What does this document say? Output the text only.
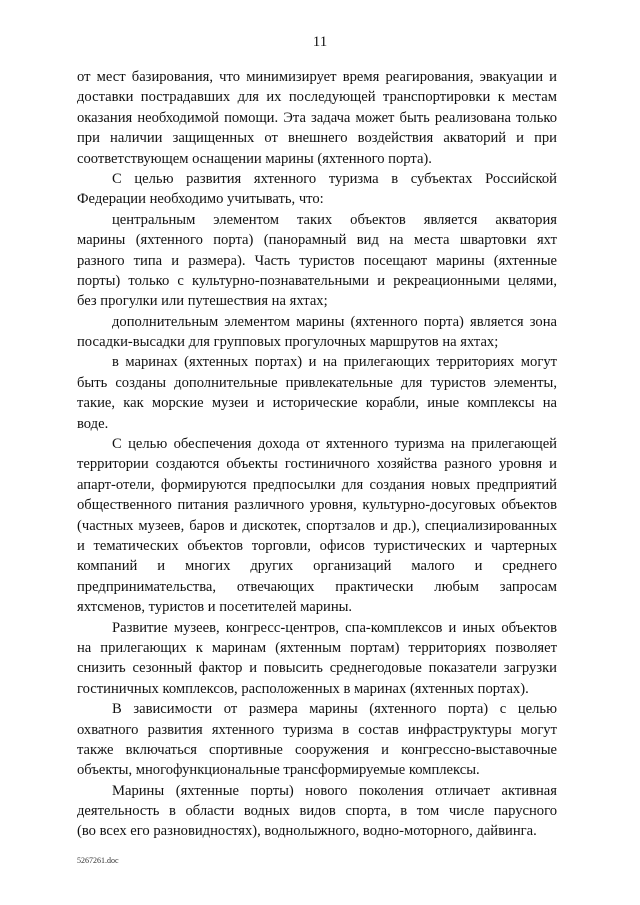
11
от мест базирования, что минимизирует время реагирования, эвакуации и
доставки пострадавших для их последующей транспортировки к местам
оказания необходимой помощи. Эта задача может быть реализована только
при наличии защищенных от внешнего воздействия акваторий и при
соответствующем оснащении марины (яхтенного порта).
С целью развития яхтенного туризма в субъектах Российской
Федерации необходимо учитывать, что:
центральным элементом таких объектов является акватория
марины (яхтенного порта) (панорамный вид на места швартовки яхт
разного типа и размера). Часть туристов посещают марины (яхтенные
порты) только с культурно-познавательными и рекреационными целями,
без прогулки или путешествия на яхтах;
дополнительным элементом марины (яхтенного порта) является зона
посадки-высадки для групповых прогулочных маршрутов на яхтах;
в маринах (яхтенных портах) и на прилегающих территориях могут
быть созданы дополнительные привлекательные для туристов элементы,
такие, как морские музеи и исторические корабли, иные комплексы на
воде.
С целью обеспечения дохода от яхтенного туризма на прилегающей
территории создаются объекты гостиничного хозяйства разного уровня и
апарт-отели, формируются предпосылки для создания новых предприятий
общественного питания различного уровня, культурно-досуговых объектов
(частных музеев, баров и дискотек, спортзалов и др.), специализированных
и тематических объектов торговли, офисов туристических и чартерных
компаний и многих других организаций малого и среднего
предпринимательства, отвечающих практически любым запросам
яхтсменов, туристов и посетителей марины.
Развитие музеев, конгресс-центров, спа-комплексов и иных объектов
на прилегающих к маринам (яхтенным портам) территориях позволяет
снизить сезонный фактор и повысить среднегодовые показатели загрузки
гостиничных комплексов, расположенных в маринах (яхтенных портах).
В зависимости от размера марины (яхтенного порта) с целью
охватного развития яхтенного туризма в состав инфраструктуры могут
также включаться спортивные сооружения и конгрессно-выставочные
объекты, многофункциональные трансформируемые комплексы.
Марины (яхтенные порты) нового поколения отличает активная
деятельность в области водных видов спорта, в том числе парусного
(во всех его разновидностях), воднолыжного, водно-моторного, дайвинга.
5267261.doc
